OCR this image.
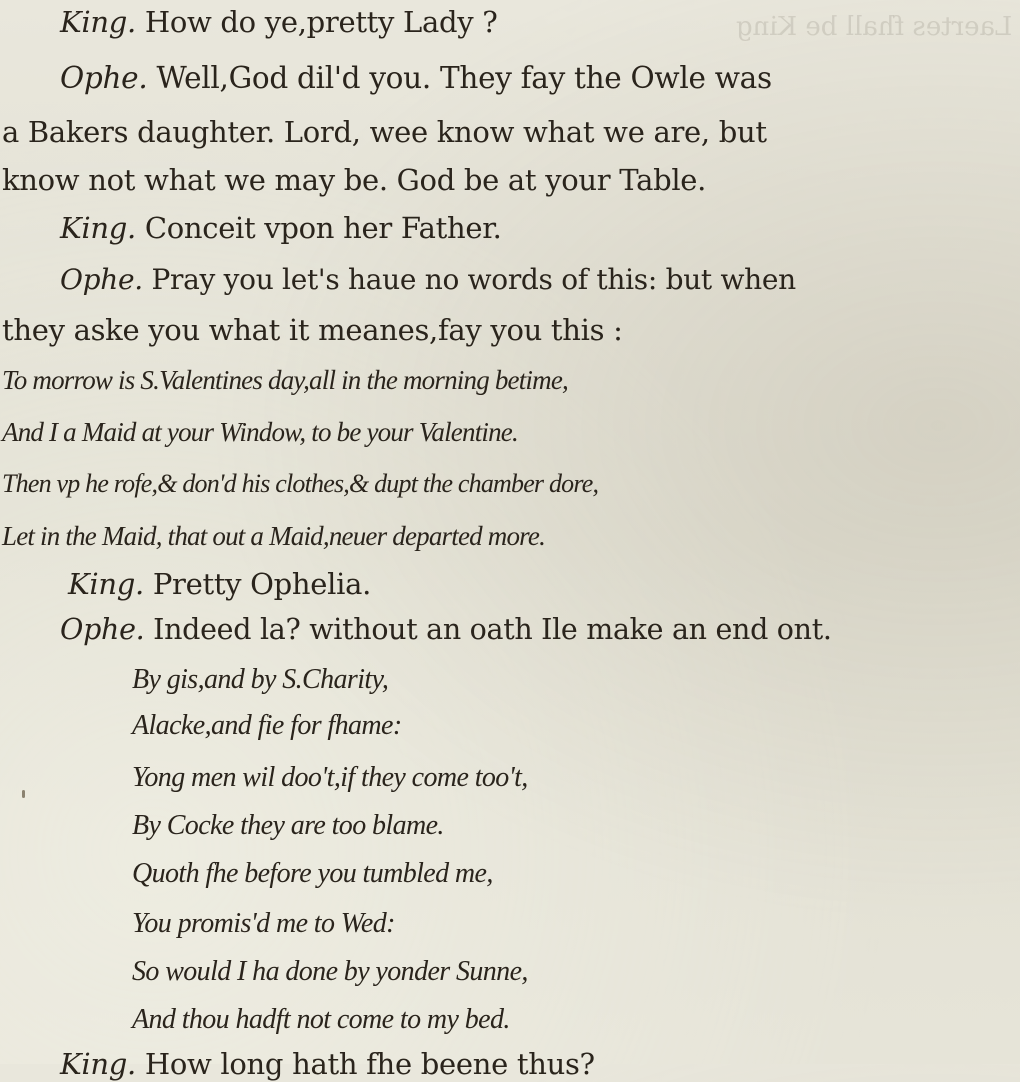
Laertes fhall be King
King. How do ye,pretty Lady ?
Ophe. Well,God dil'd you. They fay the Owle was
a Bakers daughter. Lord, wee know what we are, but
know not what we may be. God be at your Table.
King. Conceit vpon her Father.
Ophe. Pray you let's haue no words of this: but when
they aske you what it meanes,fay you this :
To morrow is S.Valentines day,all in the morning betime,
And I a Maid at your Window, to be your Valentine.
Then vp he rofe,& don'd his clothes,& dupt the chamber dore,
Let in the Maid, that out a Maid,neuer departed more.
King. Pretty Ophelia.
Ophe. Indeed la? without an oath Ile make an end ont.
By gis,and by S.Charity,
Alacke,and fie for fhame:
Yong men wil doo't,if they come too't,
By Cocke they are too blame.
Quoth fhe before you tumbled me,
You promis'd me to Wed:
So would I ha done by yonder Sunne,
And thou hadft not come to my bed.
King. How long hath fhe beene thus?
